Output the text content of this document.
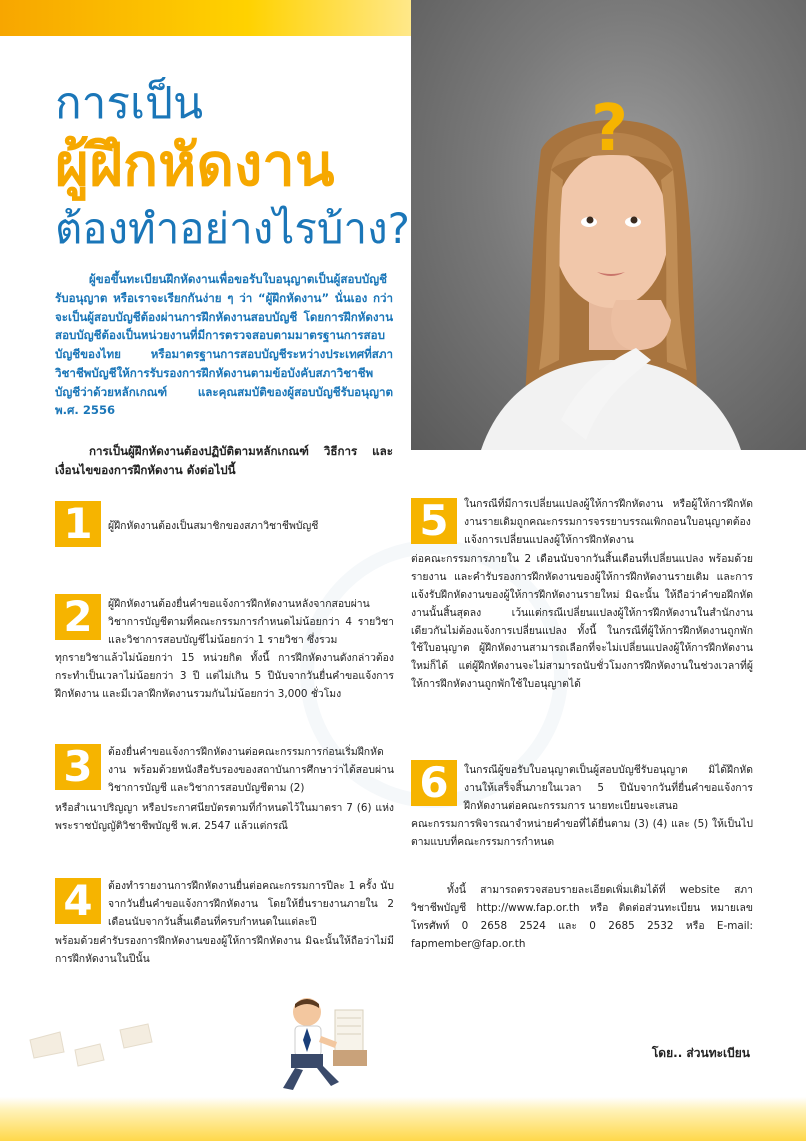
?
การเป็น
ผู้ฝึกหัดงาน
ต้องทำอย่างไรบ้าง?
ผู้ขอขึ้นทะเบียนฝึกหัดงานเพื่อขอรับใบอนุญาตเป็นผู้สอบบัญชีรับอนุญาต หรือเราจะเรียกกันง่าย ๆ ว่า “ผู้ฝึกหัดงาน” นั่นเอง กว่าจะเป็นผู้สอบบัญชีต้องผ่านการฝึกหัดงานสอบบัญชี โดยการฝึกหัดงานสอบบัญชีต้องเป็นหน่วยงานที่มีการตรวจสอบตามมาตรฐานการสอบบัญชีของไทย หรือมาตรฐานการสอบบัญชีระหว่างประเทศที่สภาวิชาชีพบัญชีให้การรับรองการฝึกหัดงานตามข้อบังคับสภาวิชาชีพบัญชีว่าด้วยหลักเกณฑ์ และคุณสมบัติของผู้สอบบัญชีรับอนุญาต พ.ศ. 2556
การเป็นผู้ฝึกหัดงานต้องปฏิบัติตามหลักเกณฑ์ วิธีการ และเงื่อนไขของการฝึกหัดงาน ดังต่อไปนี้
1	ผู้ฝึกหัดงานต้องเป็นสมาชิกของสภาวิชาชีพบัญชี
2	ผู้ฝึกหัดงานต้องยื่นคำขอแจ้งการฝึกหัดงานหลังจากสอบผ่านวิชาการบัญชีตามที่คณะกรรมการกำหนดไม่น้อยกว่า 4 รายวิชา และวิชาการสอบบัญชีไม่น้อยกว่า 1 รายวิชา ซึ่งรวม
ทุกรายวิชาแล้วไม่น้อยกว่า 15 หน่วยกิต ทั้งนี้ การฝึกหัดงานดังกล่าวต้องกระทำเป็นเวลาไม่น้อยกว่า 3 ปี แต่ไม่เกิน 5 ปีนับจากวันยื่นคำขอแจ้งการฝึกหัดงาน และมีเวลาฝึกหัดงานรวมกันไม่น้อยกว่า 3,000 ชั่วโมง
3	ต้องยื่นคำขอแจ้งการฝึกหัดงานต่อคณะกรรมการก่อนเริ่มฝึกหัดงาน พร้อมด้วยหนังสือรับรองของสถาบันการศึกษาว่าได้สอบผ่านวิชาการบัญชี และวิชาการสอบบัญชีตาม (2)
หรือสำเนาปริญญา หรือประกาศนียบัตรตามที่กำหนดไว้ในมาตรา 7 (6) แห่งพระราชบัญญัติวิชาชีพบัญชี พ.ศ. 2547 แล้วแต่กรณี
4	ต้องทำรายงานการฝึกหัดงานยื่นต่อคณะกรรมการปีละ 1 ครั้ง นับจากวันยื่นคำขอแจ้งการฝึกหัดงาน โดยให้ยื่นรายงานภายใน 2 เดือนนับจากวันสิ้นเดือนที่ครบกำหนดในแต่ละปี
พร้อมด้วยคำรับรองการฝึกหัดงานของผู้ให้การฝึกหัดงาน มิฉะนั้นให้ถือว่าไม่มีการฝึกหัดงานในปีนั้น
5	ในกรณีที่มีการเปลี่ยนแปลงผู้ให้การฝึกหัดงาน หรือผู้ให้การฝึกหัดงานรายเดิมถูกคณะกรรมการจรรยาบรรณเพิกถอนใบอนุญาตต้องแจ้งการเปลี่ยนแปลงผู้ให้การฝึกหัดงาน
ต่อคณะกรรมการภายใน 2 เดือนนับจากวันสิ้นเดือนที่เปลี่ยนแปลง พร้อมด้วยรายงาน และคำรับรองการฝึกหัดงานของผู้ให้การฝึกหัดงานรายเดิม และการแจ้งรับฝึกหัดงานของผู้ให้การฝึกหัดงานรายใหม่ มิฉะนั้น ให้ถือว่าคำขอฝึกหัดงานนั้นสิ้นสุดลง เว้นแต่กรณีเปลี่ยนแปลงผู้ให้การฝึกหัดงานในสำนักงานเดียวกันไม่ต้องแจ้งการเปลี่ยนแปลง ทั้งนี้ ในกรณีที่ผู้ให้การฝึกหัดงานถูกพักใช้ใบอนุญาต ผู้ฝึกหัดงานสามารถเลือกที่จะไม่เปลี่ยนแปลงผู้ให้การฝึกหัดงานใหม่ก็ได้ แต่ผู้ฝึกหัดงานจะไม่สามารถนับชั่วโมงการฝึกหัดงานในช่วงเวลาที่ผู้ให้การฝึกหัดงานถูกพักใช้ใบอนุญาตได้
6	ในกรณีผู้ขอรับใบอนุญาตเป็นผู้สอบบัญชีรับอนุญาต มิได้ฝึกหัดงานให้เสร็จสิ้นภายในเวลา 5 ปีนับจากวันที่ยื่นคำขอแจ้งการฝึกหัดงานต่อคณะกรรมการ นายทะเบียนจะเสนอ
คณะกรรมการพิจารณาจำหน่ายคำขอที่ได้ยื่นตาม (3) (4) และ (5) ให้เป็นไปตามแบบที่คณะกรรมการกำหนด
ทั้งนี้ สามารถตรวจสอบรายละเอียดเพิ่มเติมได้ที่ website สภาวิชาชีพบัญชี http://www.fap.or.th หรือ ติดต่อส่วนทะเบียน หมายเลขโทรศัพท์ 0 2658 2524 และ 0 2685 2532 หรือ E-mail: fapmember@fap.or.th
โดย.. ส่วนทะเบียน
